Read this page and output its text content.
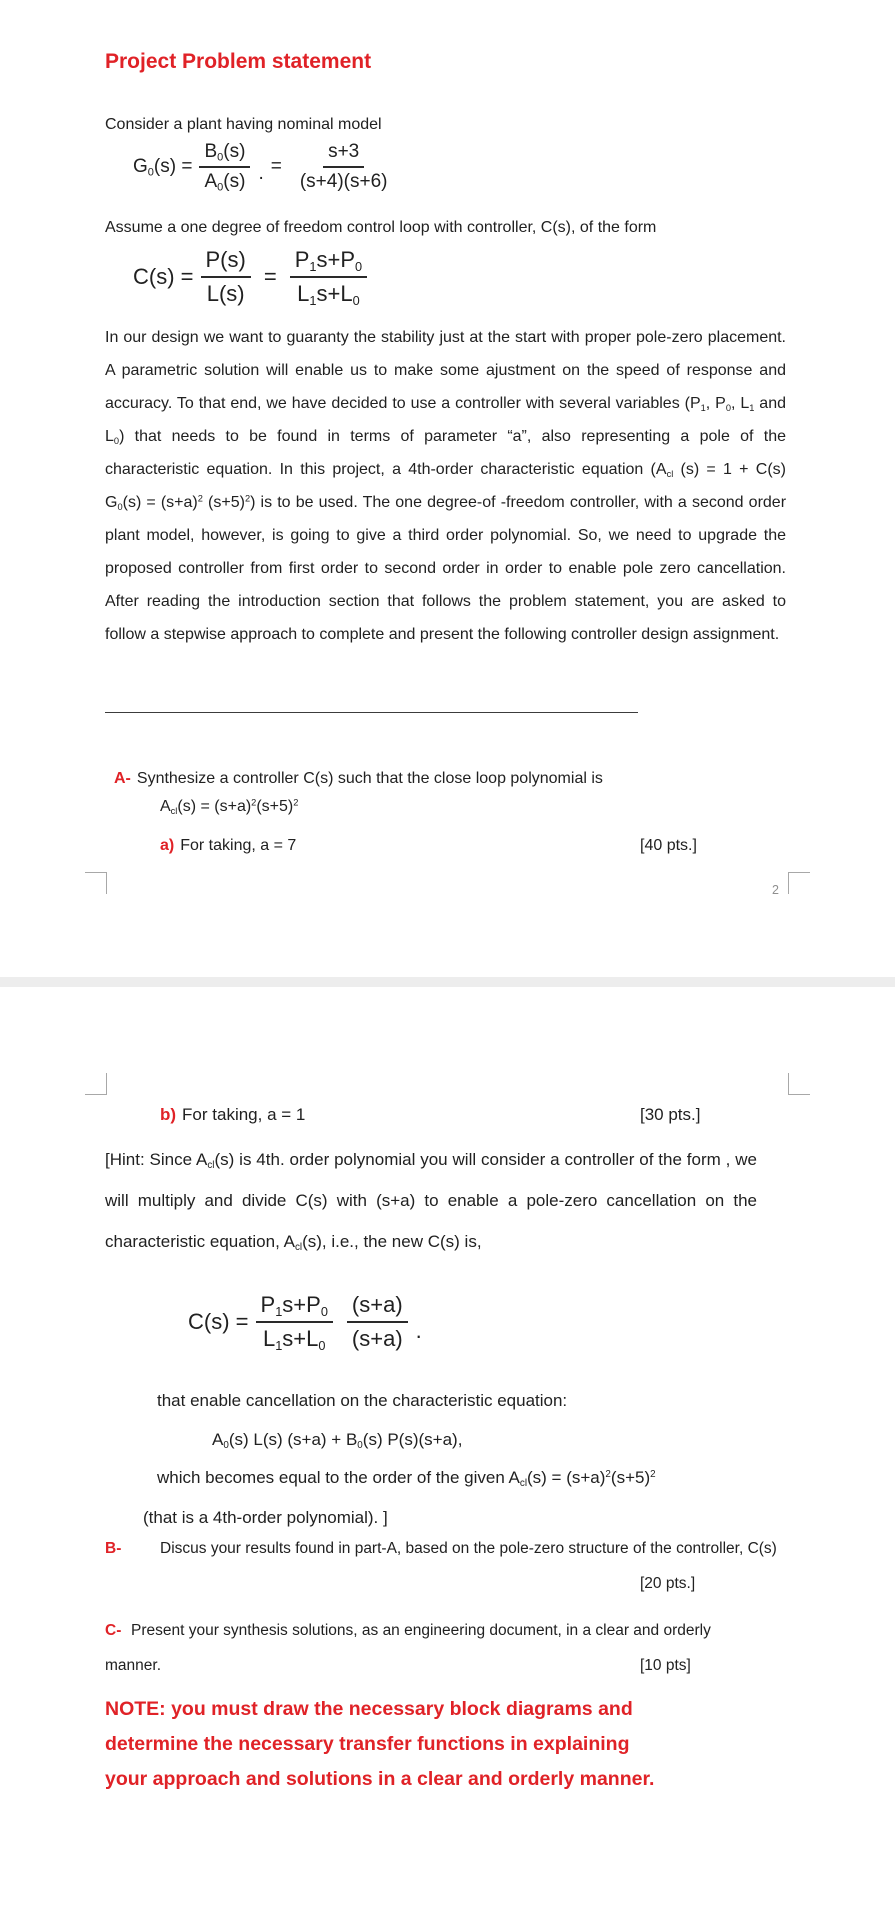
Project Problem statement

Consider a plant having nominal model

$G_0(s) = \frac{B_0(s)}{A_0(s)}$ . = $\frac{s+3}{(s+4)(s+6)}$

Assume a one degree of freedom control loop with controller, C(s), of the form

$C(s) = \frac{P(s)}{L(s)} = \frac{P_1s+P_0}{L_1s+L_0}$

In our design we want to guaranty the stability just at the start with proper pole-zero placement. A parametric solution will enable us to make some ajustment on the speed of response and accuracy. To that end, we have decided to use a controller with several variables ($P_1$, $P_0$, $L_1$ and $L_0$) that needs to be found in terms of parameter “a”, also representing a pole of the characteristic equation. In this project, a 4th-order characteristic equation ($A_{cl}$ (s) = 1 + C(s) $G_0(s) = (s+a)^2$ $(s+5)^2$) is to be used. The one degree-of -freedom controller, with a second order plant model, however, is going to give a third order polynomial. So, we need to upgrade the proposed controller from first order to second order in order to enable pole zero cancellation. After reading the introduction section that follows the problem statement, you are asked to follow a stepwise approach to complete and present the following controller design assignment.

A- Synthesize a controller C(s) such that the close loop polynomial is

$A_{cl}(s) = (s+a)^2(s+5)^2$

a) For taking, a = 7	[40 pts.]

2

b) For taking, a = 1	[30 pts.]

[Hint: Since $A_{cl}(s)$ is 4th. order polynomial you will consider a controller of the form , we will multiply and divide C(s) with (s+a) to enable a pole-zero cancellation on the characteristic equation, $A_{cl}(s)$, i.e., the new C(s) is,

$C(s) = \frac{P_1s+P_0}{L_1s+L_0} \frac{(s+a)}{(s+a)}$ .

that enable cancellation on the characteristic equation:

$A_0(s)$ L(s) $(s+a) + B_0(s)$ P(s)(s+a),

which becomes equal to the order of the given $A_{cl}(s) = (s+a)^2(s+5)^2$

(that is a 4th-order polynomial). ]

B- Discus your results found in part-A, based on the pole-zero structure of the controller, C(s)
[20 pts.]

C- Present your synthesis solutions, as an engineering document, in a clear and orderly manner.	[10 pts]

NOTE: you must draw the necessary block diagrams and determine the necessary transfer functions in explaining your approach and solutions in a clear and orderly manner.
